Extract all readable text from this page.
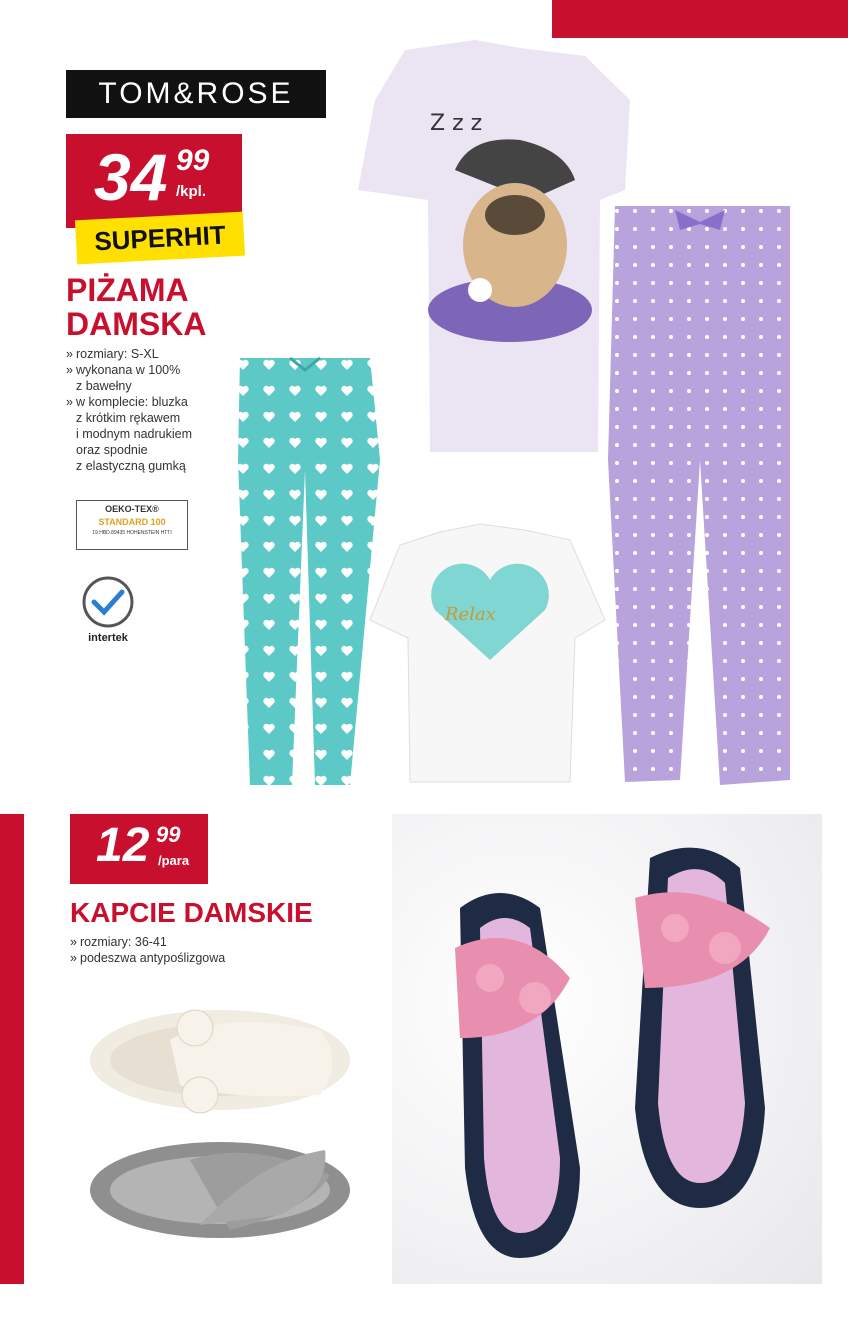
TOM&ROSE
34 99
/kpl.
SUPERHIT
PIŻAMA
DAMSKA
» rozmiary: S-XL
» wykonana w 100%
z bawełny
» w komplecie: bluzka
z krótkim rękawem
i modnym nadrukiem
oraz spodnie
z elastyczną gumką
OEKO-TEX®
STANDARD 100
19.HBD.89435 HOHENSTEIN HTTI
intertek
Z z z
Relax
12 99
/para
KAPCIE DAMSKIE
» rozmiary: 36-41
» podeszwa antypoślizgowa
